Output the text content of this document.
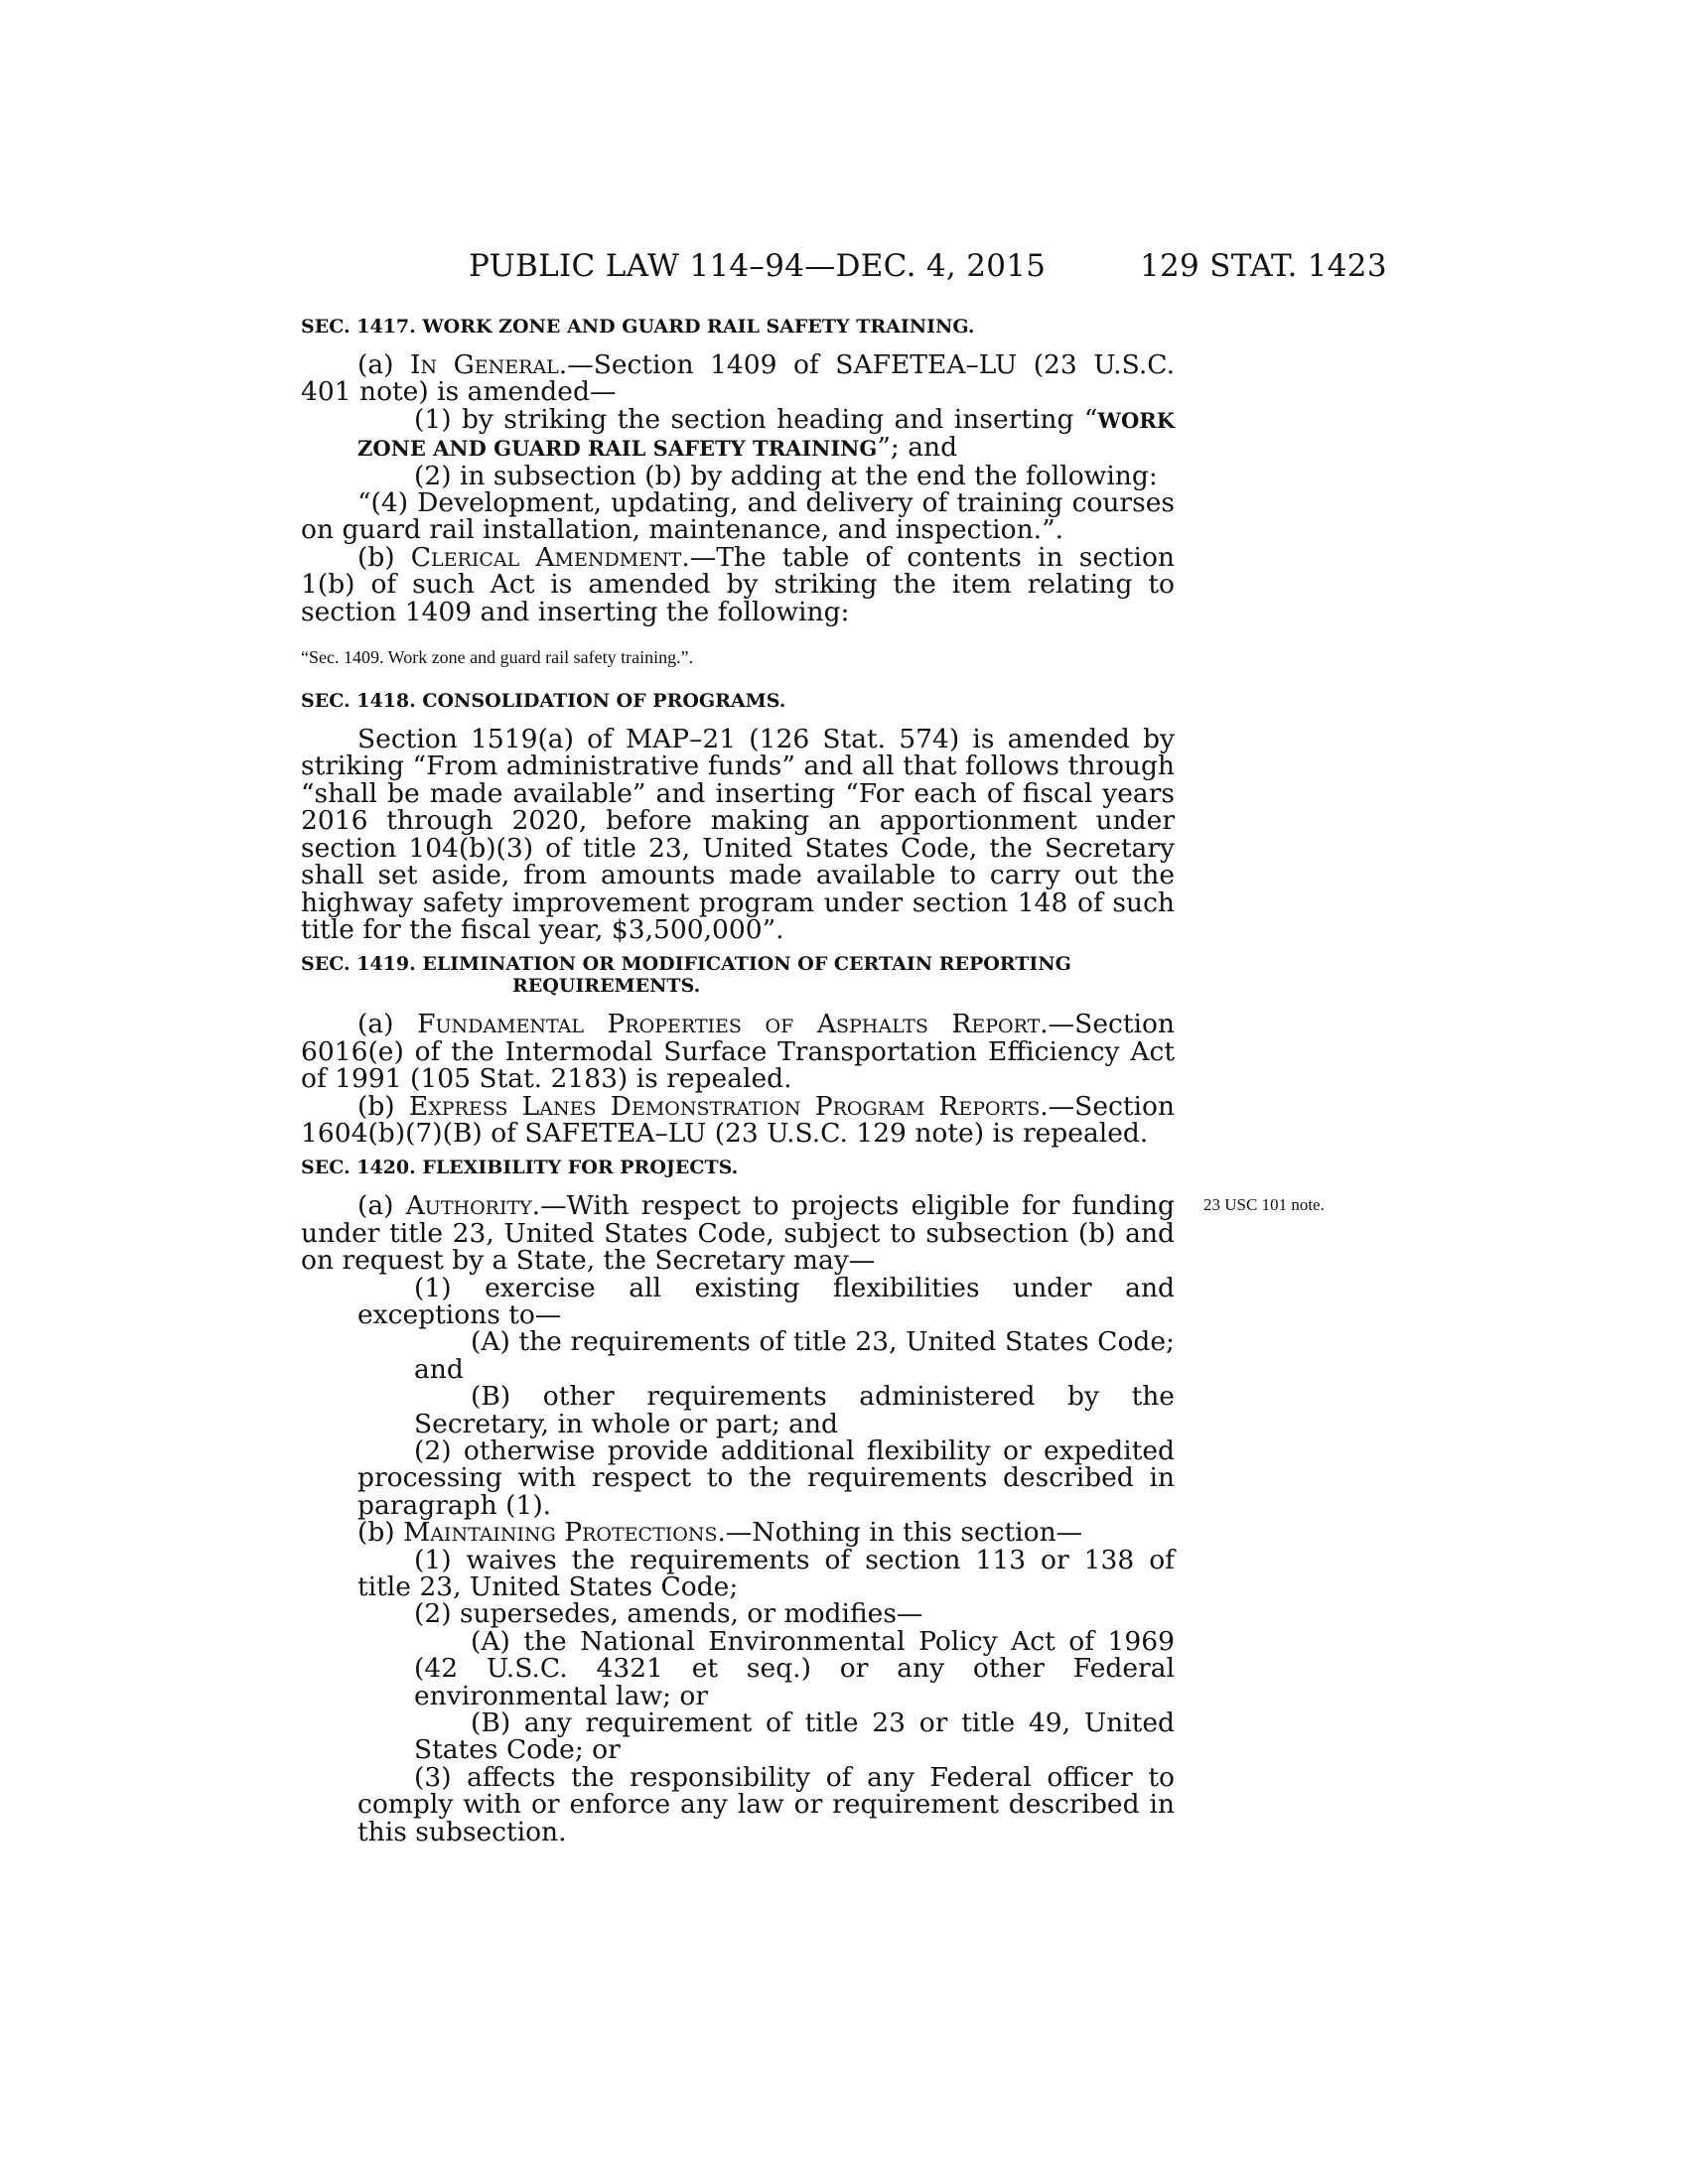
PUBLIC LAW 114–94—DEC. 4, 2015	129 STAT. 1423
23 USC 101 note.
SEC. 1417. WORK ZONE AND GUARD RAIL SAFETY TRAINING.

(a) In General.—Section 1409 of SAFETEA–LU (23 U.S.C. 401 note) is amended—

(1) by striking the section heading and inserting “WORK ZONE AND GUARD RAIL SAFETY TRAINING”; and

(2) in subsection (b) by adding at the end the following:

“(4) Development, updating, and delivery of training courses on guard rail installation, maintenance, and inspection.”.

(b) Clerical Amendment.—The table of contents in section 1(b) of such Act is amended by striking the item relating to section 1409 and inserting the following:

“Sec. 1409. Work zone and guard rail safety training.”.
SEC. 1418. CONSOLIDATION OF PROGRAMS.

Section 1519(a) of MAP–21 (126 Stat. 574) is amended by striking “From administrative funds” and all that follows through “shall be made available” and inserting “For each of fiscal years 2016 through 2020, before making an apportionment under section 104(b)(3) of title 23, United States Code, the Secretary shall set aside, from amounts made available to carry out the highway safety improvement program under section 148 of such title for the fiscal year, $3,500,000”.

SEC. 1419. ELIMINATION OR MODIFICATION OF CERTAIN REPORTING REQUIREMENTS.

(a) Fundamental Properties of Asphalts Report.—Section 6016(e) of the Intermodal Surface Transportation Efficiency Act of 1991 (105 Stat. 2183) is repealed.

(b) Express Lanes Demonstration Program Reports.—Section 1604(b)(7)(B) of SAFETEA–LU (23 U.S.C. 129 note) is repealed.

SEC. 1420. FLEXIBILITY FOR PROJECTS.

(a) Authority.—With respect to projects eligible for funding under title 23, United States Code, subject to subsection (b) and on request by a State, the Secretary may—

(1) exercise all existing flexibilities under and exceptions to—

(A) the requirements of title 23, United States Code; and

(B) other requirements administered by the Secretary, in whole or part; and

(2) otherwise provide additional flexibility or expedited processing with respect to the requirements described in paragraph (1).

(b) Maintaining Protections.—Nothing in this section—

(1) waives the requirements of section 113 or 138 of title 23, United States Code;

(2) supersedes, amends, or modifies—

(A) the National Environmental Policy Act of 1969 (42 U.S.C. 4321 et seq.) or any other Federal environmental law; or

(B) any requirement of title 23 or title 49, United States Code; or

(3) affects the responsibility of any Federal officer to comply with or enforce any law or requirement described in this subsection.
